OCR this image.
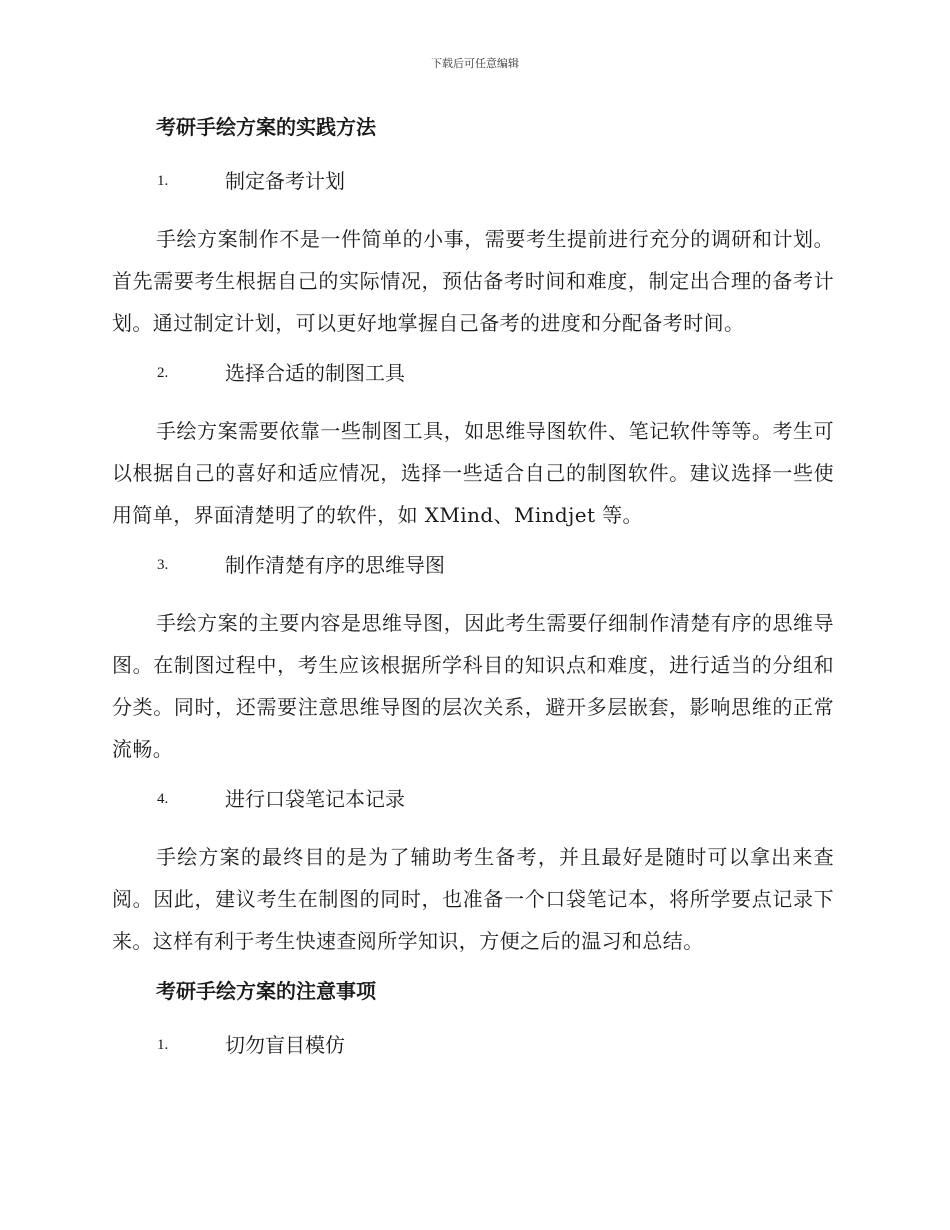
下载后可任意编辑
考研手绘方案的实践方法
1.	制定备考计划

手绘方案制作不是一件简单的小事，需要考生提前进行充分的调研和计划。首先需要考生根据自己的实际情况，预估备考时间和难度，制定出合理的备考计划。通过制定计划，可以更好地掌握自己备考的进度和分配备考时间。

2.	选择合适的制图工具

手绘方案需要依靠一些制图工具，如思维导图软件、笔记软件等等。考生可以根据自己的喜好和适应情况，选择一些适合自己的制图软件。建议选择一些使用简单，界面清楚明了的软件，如 XMind、Mindjet 等。

3.	制作清楚有序的思维导图

手绘方案的主要内容是思维导图，因此考生需要仔细制作清楚有序的思维导图。在制图过程中，考生应该根据所学科目的知识点和难度，进行适当的分组和分类。同时，还需要注意思维导图的层次关系，避开多层嵌套，影响思维的正常流畅。

4.	进行口袋笔记本记录

手绘方案的最终目的是为了辅助考生备考，并且最好是随时可以拿出来查阅。因此，建议考生在制图的同时，也准备一个口袋笔记本，将所学要点记录下来。这样有利于考生快速查阅所学知识，方便之后的温习和总结。

考研手绘方案的注意事项
1.	切勿盲目模仿
